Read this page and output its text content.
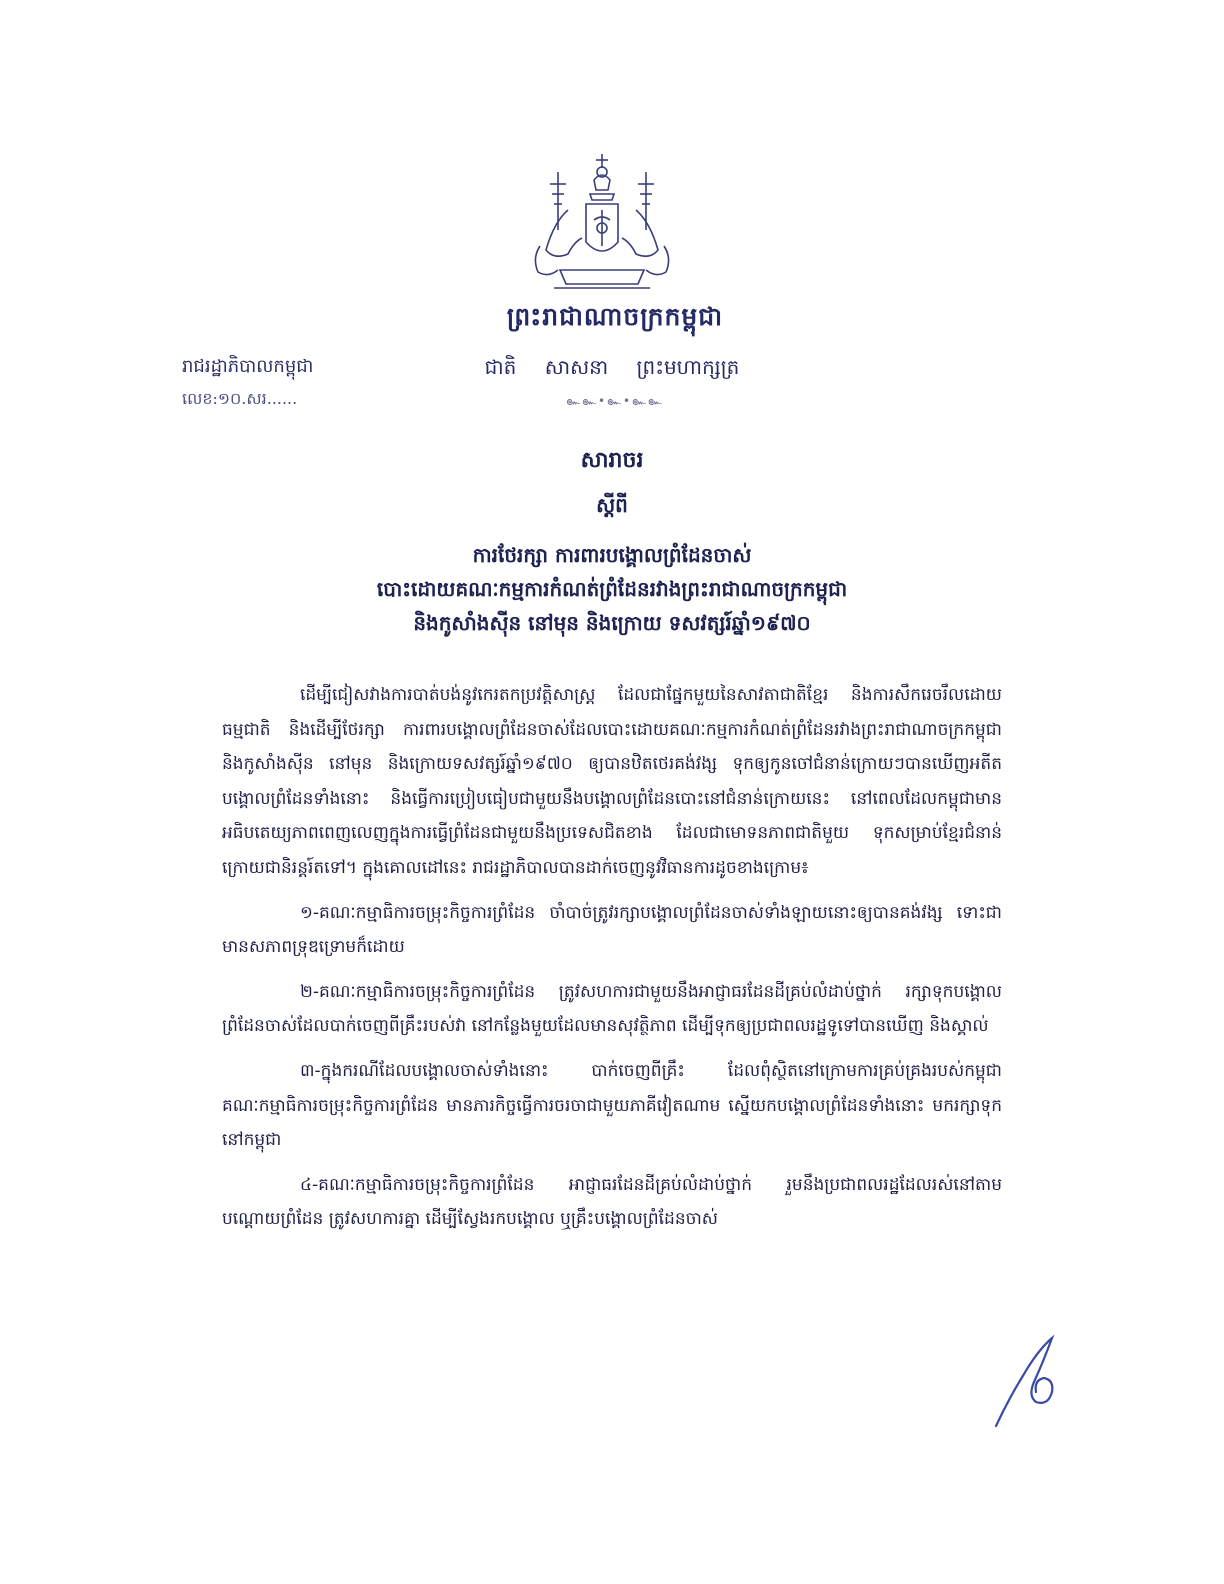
ព្រះរាជាណាចក្រកម្ពុជា
ជាតិ សាសនា ព្រះមហាក្សត្រ
๛๛•๛•๛๛
រាជរដ្ឋាភិបាលកម្ពុជា
លេខ:១០.សរ......
សារាចរ
ស្តីពី
ការថែរក្សា ការពារបង្គោលព្រំដែនចាស់
បោះដោយគណៈកម្មការកំណត់ព្រំដែនរវាងព្រះរាជាណាចក្រកម្ពុជា
និងកូសាំងស៊ីន នៅមុន និងក្រោយ ទសវត្សរ៍ឆ្នាំ១៩៧០

ដើម្បីជៀសវាងការបាត់បង់នូវកេរតកប្រវត្តិសាស្ត្រ ដែលជាផ្នែកមួយនៃសាវតាជាតិខ្មែរ និងការសឹករេចរឹលដោយធម្មជាតិ និងដើម្បីថែរក្សា ការពារបង្គោលព្រំដែនចាស់ដែលបោះដោយគណៈកម្មការកំណត់ព្រំដែនរវាងព្រះរាជាណាចក្រកម្ពុជា និងកូសាំងស៊ីន នៅមុន និងក្រោយទសវត្សរ៍ឆ្នាំ១៩៧០ ឲ្យបានឋិតថេរគង់វង្ស ទុកឲ្យកូនចៅជំនាន់ក្រោយៗបានឃើញអតីតបង្គោលព្រំដែនទាំងនោះ និងធ្វើការប្រៀបធៀបជាមួយនឹងបង្គោលព្រំដែនបោះនៅជំនាន់ក្រោយនេះ នៅពេលដែលកម្ពុជាមានអធិបតេយ្យភាពពេញលេញក្នុងការធ្វើព្រំដែនជាមួយនឹងប្រទេសជិតខាង ដែលជាមោទនភាពជាតិមួយ ទុកសម្រាប់ខ្មែរជំនាន់ក្រោយជានិរន្តរ៍តទៅ។ ក្នុងគោលដៅនេះ រាជរដ្ឋាភិបាលបានដាក់ចេញនូវវិធានការដូចខាងក្រោម៖

១-គណៈកម្មាធិការចម្រុះកិច្ចការព្រំដែន ចាំបាច់ត្រូវរក្សាបង្គោលព្រំដែនចាស់ទាំងឡាយនោះឲ្យបានគង់វង្ស ទោះជាមានសភាពទ្រុឌទ្រោមក៏ដោយ

២-គណៈកម្មាធិការចម្រុះកិច្ចការព្រំដែន ត្រូវសហការជាមួយនឹងអាជ្ញាធរដែនដីគ្រប់លំដាប់ថ្នាក់ រក្សាទុកបង្គោលព្រំដែនចាស់ដែលបាក់ចេញពីគ្រឹះរបស់វា នៅកន្លែងមួយដែលមានសុវត្ថិភាព ដើម្បីទុកឲ្យប្រជាពលរដ្ឋទូទៅបានឃើញ និងស្គាល់

៣-ក្នុងករណីដែលបង្គោលចាស់ទាំងនោះ បាក់ចេញពីគ្រឹះ ដែលពុំស្ថិតនៅក្រោមការគ្រប់គ្រងរបស់កម្ពុជា គណៈកម្មាធិការចម្រុះកិច្ចការព្រំដែន មានភារកិច្ចធ្វើការចរចាជាមួយភាគីវៀតណាម ស្នើយកបង្គោលព្រំដែនទាំងនោះ មករក្សាទុកនៅកម្ពុជា

៤-គណៈកម្មាធិការចម្រុះកិច្ចការព្រំដែន អាជ្ញាធរដែនដីគ្រប់លំដាប់ថ្នាក់ រួមនឹងប្រជាពលរដ្ឋដែលរស់នៅតាមបណ្តោយព្រំដែន ត្រូវសហការគ្នា ដើម្បីស្វែងរកបង្គោល ឬគ្រឹះបង្គោលព្រំដែនចាស់
